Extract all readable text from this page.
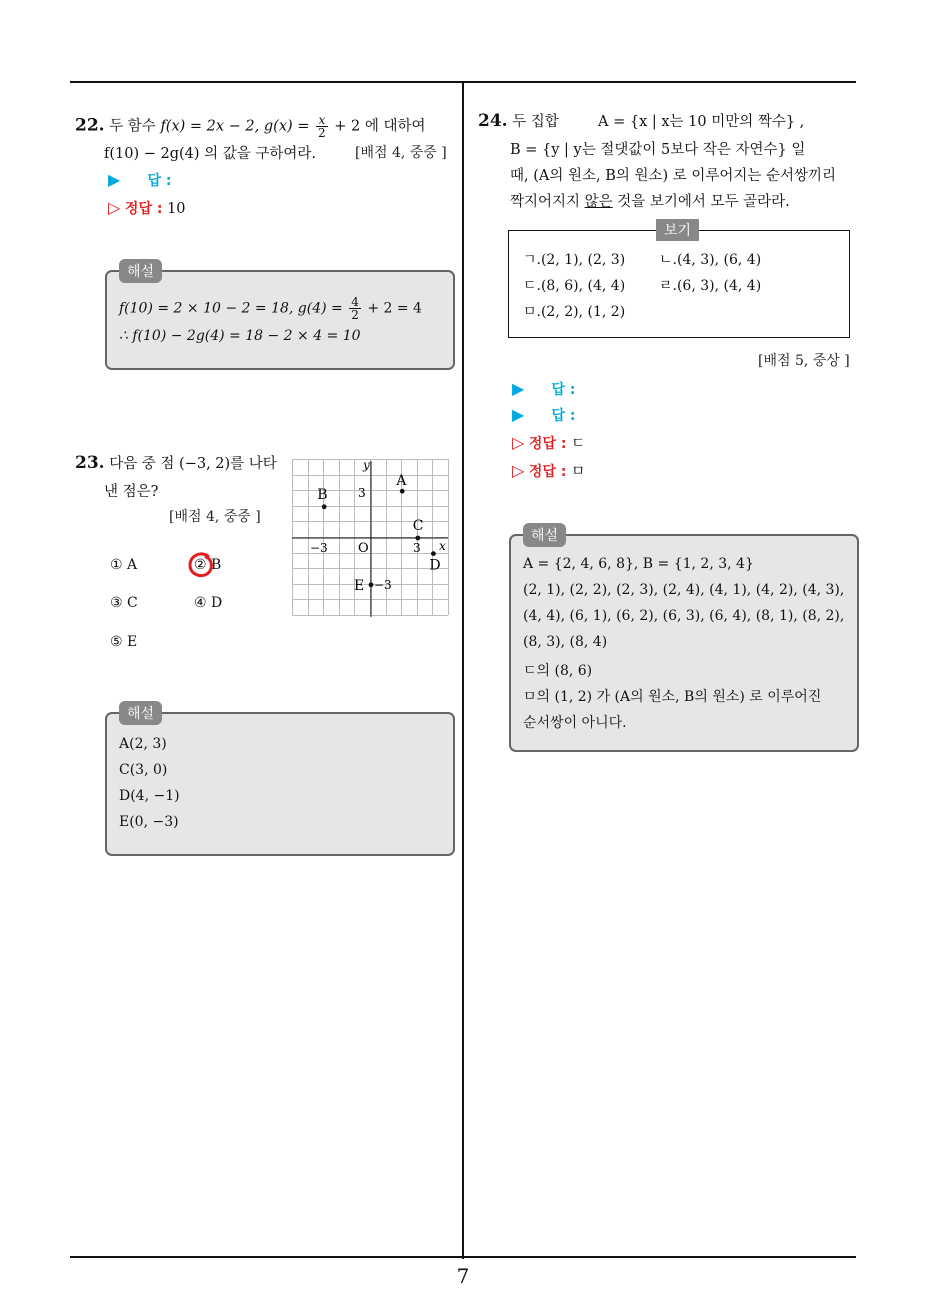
7
22. 두 함수 f(x) = 2x − 2, $g(x) = \frac{x}{2} + 2$ 에 대하여
f(10) − 2g(4) 의 값을 구하여라.	[배점 4, 중중 ]
▶ 답 :
▷ 정답 : 10
f(10) = 2 × 10 − 2 = 18, $g(4) = \frac{4}{2} + 2 = 4$
∴ f(10) − 2g(4) = 18 − 2 × 4 = 10
해설
23. 다음 중 점 (−3, 2)를 나타
낸 점은?
[배점 4, 중중 ]
① A	② B
③ C	④ D
⑤ E
y
x
O
3
−3	3
−3
A
B
C
D
E
A(2, 3)
C(3, 0)
D(4, −1)
E(0, −3)
해설
24. 두 집합	A = {x | x는 10 미만의 짝수} ,
B = {y | y는 절댓값이 5보다 작은 자연수} 일
때, (A의 원소, B의 원소) 로 이루어지는 순서쌍끼리
짝지어지지 않은 것을 보기에서 모두 골라라.
ㄱ.(2, 1), (2, 3) ㄴ.(4, 3), (6, 4)
ㄷ.(8, 6), (4, 4) ㄹ.(6, 3), (4, 4)
ㅁ.(2, 2), (1, 2)
보기
[배점 5, 중상 ]
▶ 답 :
▶ 답 :
▷ 정답 : ㄷ
▷ 정답 : ㅁ
A = {2, 4, 6, 8}, B = {1, 2, 3, 4}
(2, 1), (2, 2), (2, 3), (2, 4), (4, 1), (4, 2), (4, 3),
(4, 4), (6, 1), (6, 2), (6, 3), (6, 4), (8, 1), (8, 2),
(8, 3), (8, 4)
ㄷ의 (8, 6)
ㅁ의 (1, 2) 가 (A의 원소, B의 원소) 로 이루어진
순서쌍이 아니다.
해설
